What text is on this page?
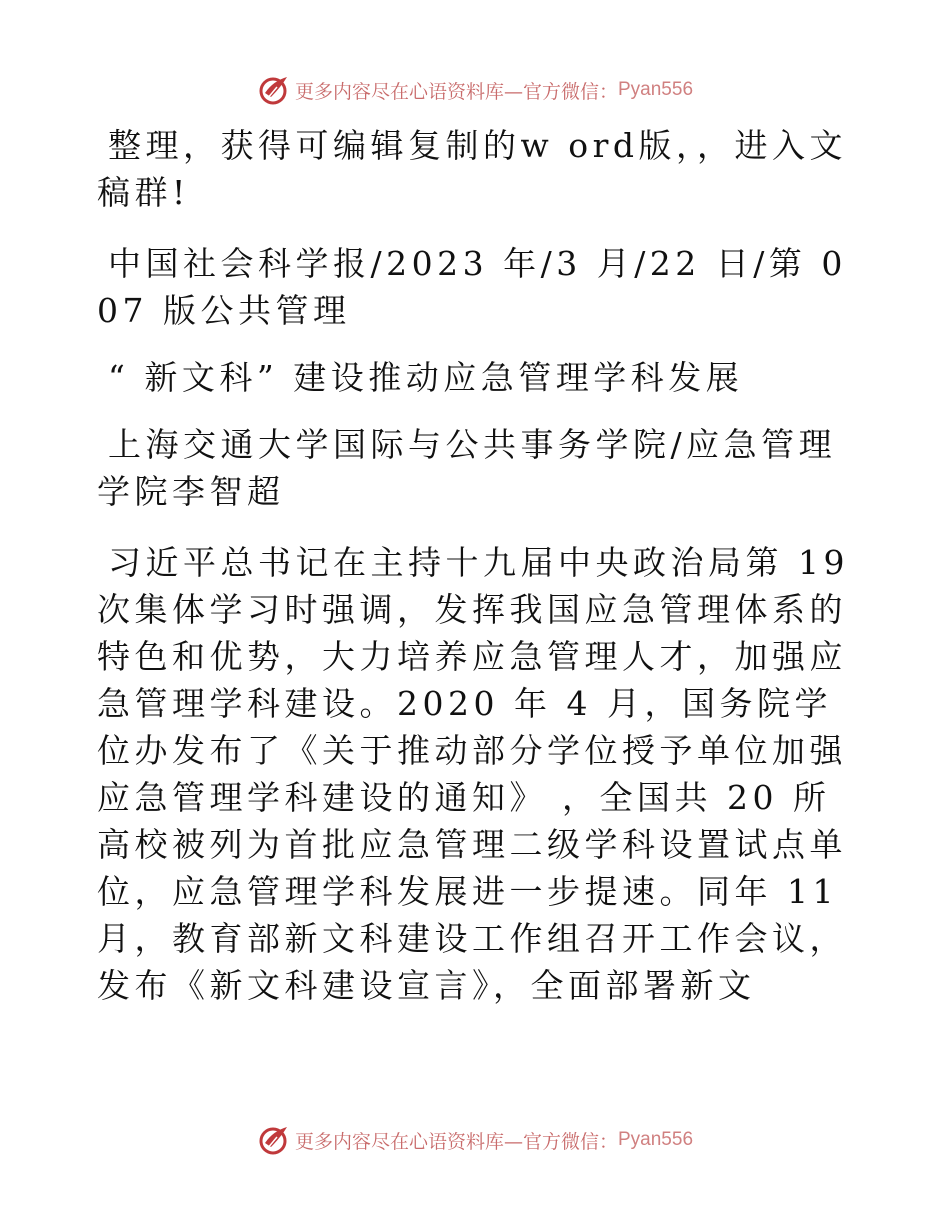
更多内容尽在心语资料库—官方微信： Pyan556

整理，获得可编辑复制的w ord版，，进入文稿群!

中国社会科学报/2023 年/3 月/22 日/第 007 版公共管理

“ 新文科” 建设推动应急管理学科发展

上海交通大学国际与公共事务学院/应急管理学院李智超

习近平总书记在主持十九届中央政治局第 19 次集体学习时强调，发挥我国应急管理体系的特色和优势，大力培养应急管理人才，加强应急管理学科建设。2020 年 4 月，国务院学位办发布了《关于推动部分学位授予单位加强应急管理学科建设的通知》 ，全国共 20 所高校被列为首批应急管理二级学科设置试点单位，应急管理学科发展进一步提速。同年 11 月，教育部新文科建设工作组召开工作会议，发布《新文科建设宣言》，全面部署新文

更多内容尽在心语资料库—官方微信： Pyan556
